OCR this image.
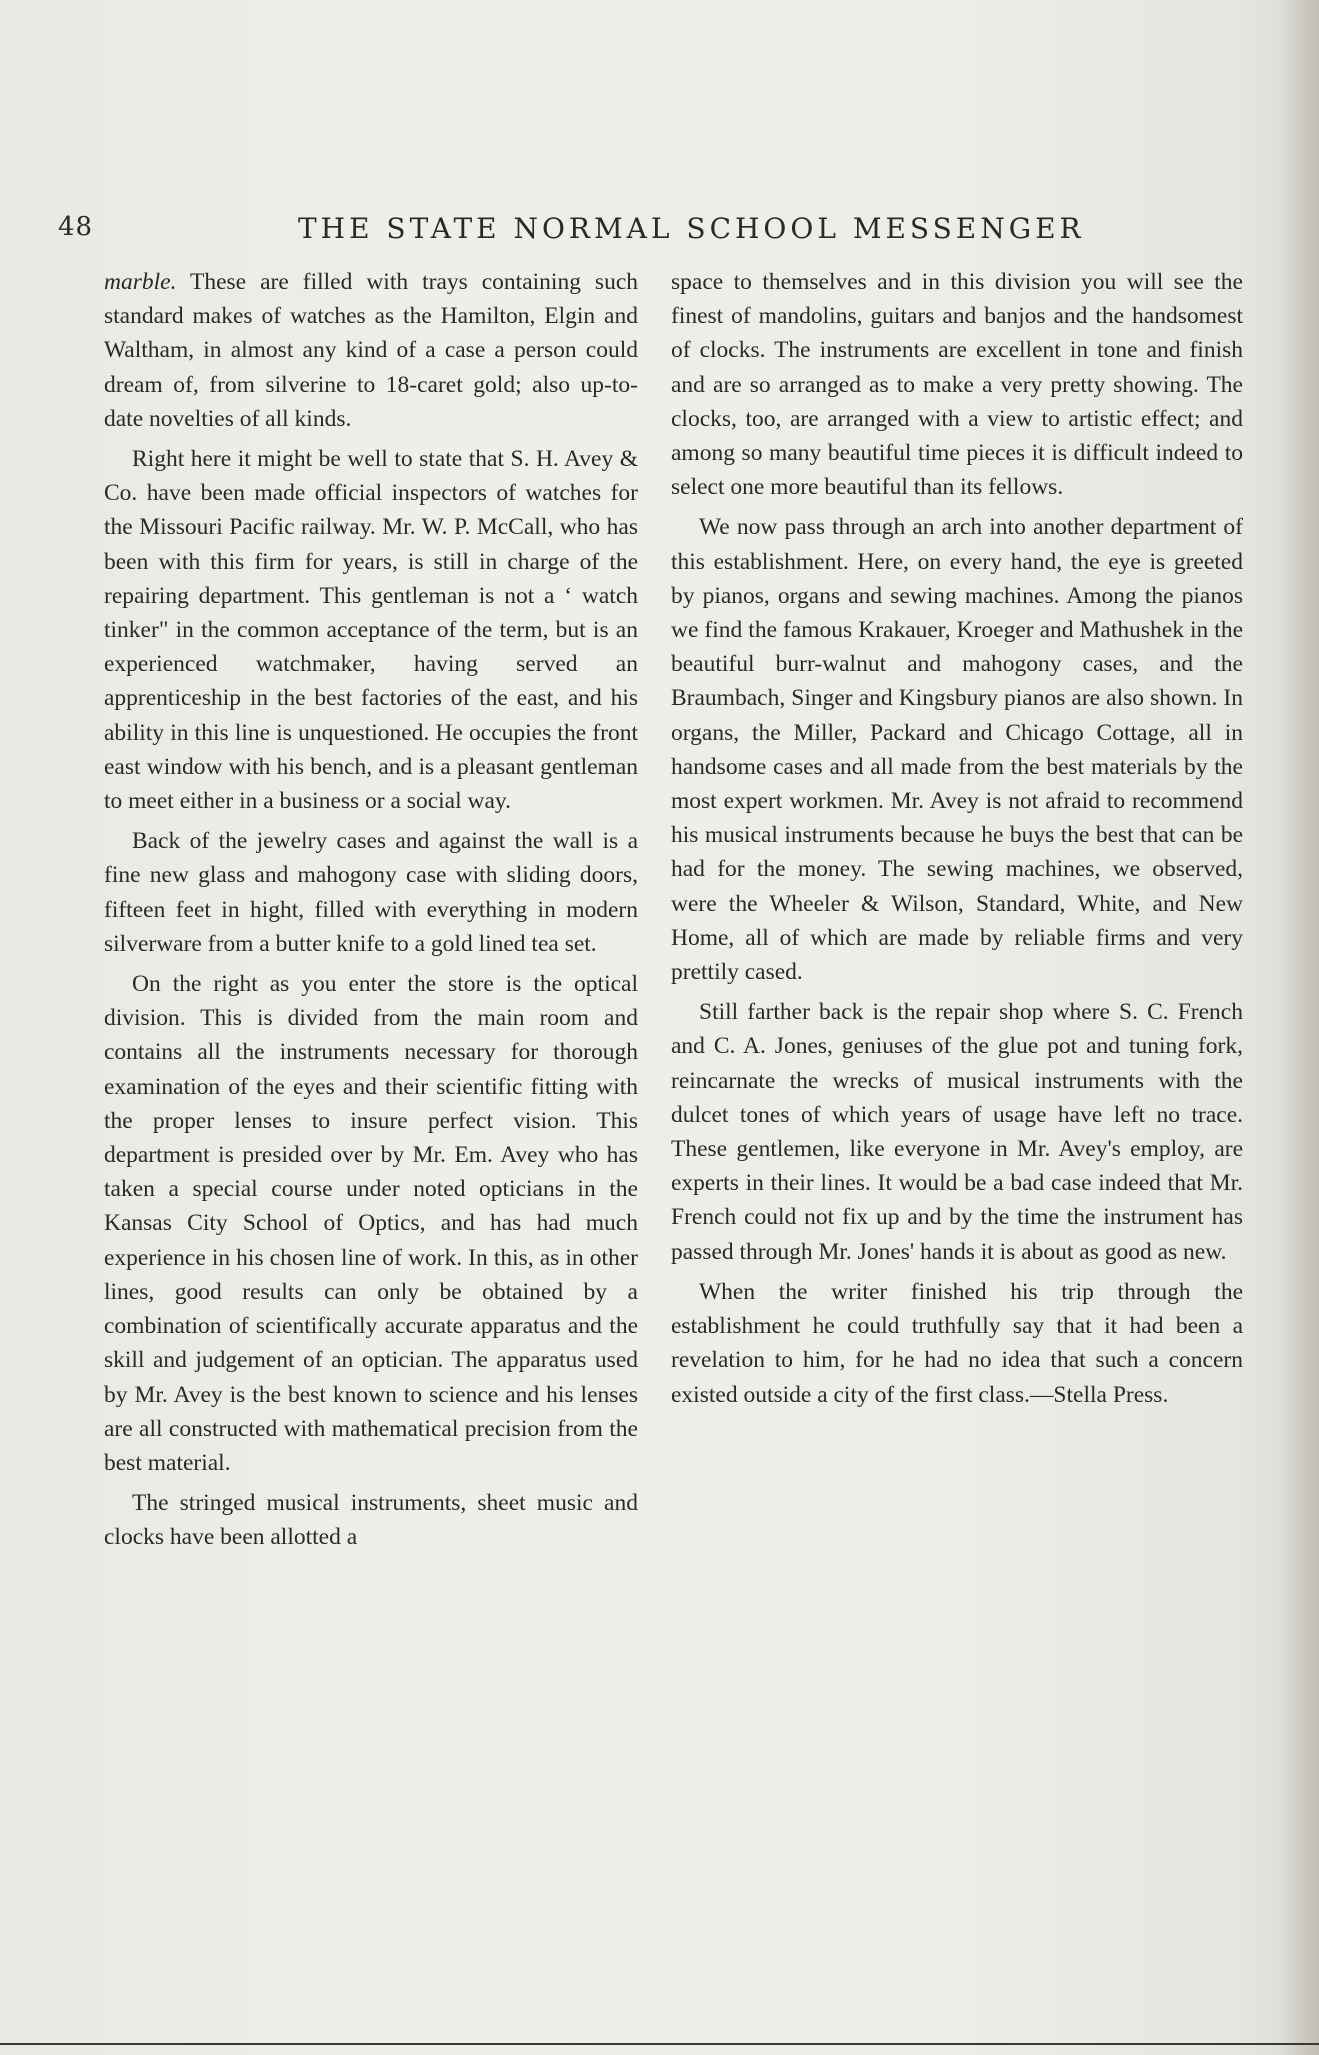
48	THE STATE NORMAL SCHOOL MESSENGER

marble. These are filled with trays containing such standard makes of watches as the Hamilton, Elgin and Waltham, in almost any kind of a case a person could dream of, from silverine to 18-caret gold; also up-to-date novelties of all kinds.

Right here it might be well to state that S. H. Avey & Co. have been made official inspectors of watches for the Missouri Pacific railway. Mr. W. P. McCall, who has been with this firm for years, is still in charge of the repairing department. This gentleman is not a ‘ watch tinker" in the common acceptance of the term, but is an experienced watchmaker, having served an apprenticeship in the best factories of the east, and his ability in this line is unquestioned. He occupies the front east window with his bench, and is a pleasant gentleman to meet either in a business or a social way.

Back of the jewelry cases and against the wall is a fine new glass and mahogony case with sliding doors, fifteen feet in hight, filled with everything in modern silverware from a butter knife to a gold lined tea set.

On the right as you enter the store is the optical division. This is divided from the main room and contains all the instruments necessary for thorough examination of the eyes and their scientific fitting with the proper lenses to insure perfect vision. This department is presided over by Mr. Em. Avey who has taken a special course under noted opticians in the Kansas City School of Optics, and has had much experience in his chosen line of work. In this, as in other lines, good results can only be obtained by a combination of scientifically accurate apparatus and the skill and judgement of an optician. The apparatus used by Mr. Avey is the best known to science and his lenses are all constructed with mathematical precision from the best material.

The stringed musical instruments, sheet music and clocks have been allotted a

space to themselves and in this division you will see the finest of mandolins, guitars and banjos and the handsomest of clocks. The instruments are excellent in tone and finish and are so arranged as to make a very pretty showing. The clocks, too, are arranged with a view to artistic effect; and among so many beautiful time pieces it is difficult indeed to select one more beautiful than its fellows.

We now pass through an arch into another department of this establishment. Here, on every hand, the eye is greeted by pianos, organs and sewing machines. Among the pianos we find the famous Krakauer, Kroeger and Mathushek in the beautiful burr-walnut and mahogony cases, and the Braumbach, Singer and Kingsbury pianos are also shown. In organs, the Miller, Packard and Chicago Cottage, all in handsome cases and all made from the best materials by the most expert workmen. Mr. Avey is not afraid to recommend his musical instruments because he buys the best that can be had for the money. The sewing machines, we observed, were the Wheeler & Wilson, Standard, White, and New Home, all of which are made by reliable firms and very prettily cased.

Still farther back is the repair shop where S. C. French and C. A. Jones, geniuses of the glue pot and tuning fork, reincarnate the wrecks of musical instruments with the dulcet tones of which years of usage have left no trace. These gentlemen, like everyone in Mr. Avey's employ, are experts in their lines. It would be a bad case indeed that Mr. French could not fix up and by the time the instrument has passed through Mr. Jones' hands it is about as good as new.

When the writer finished his trip through the establishment he could truthfully say that it had been a revelation to him, for he had no idea that such a concern existed outside a city of the first class.—Stella Press.
